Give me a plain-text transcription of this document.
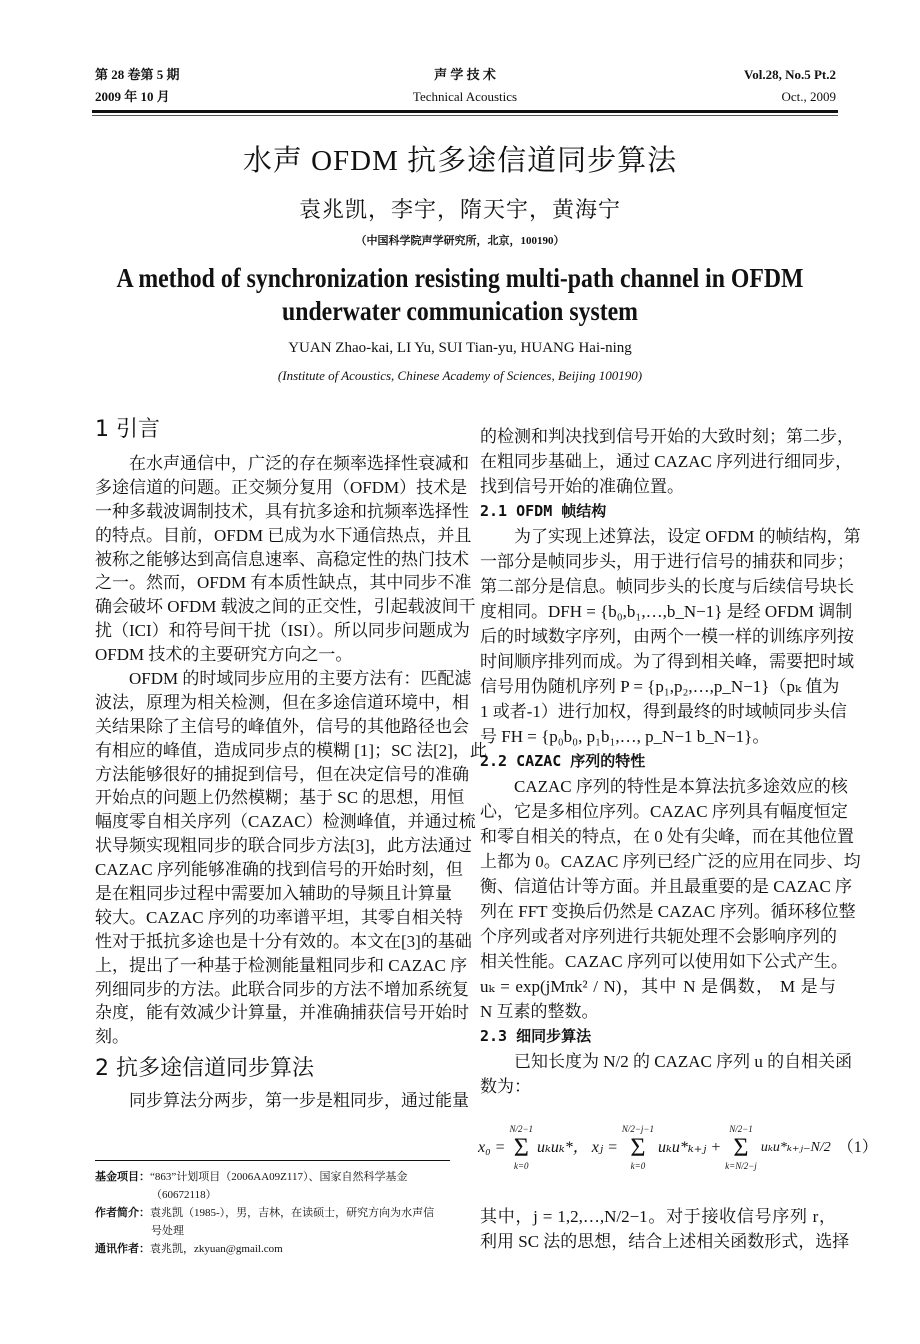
第 28 卷第 5 期
2009 年 10 月
声 学 技 术
Technical Acoustics
Vol.28, No.5 Pt.2
Oct., 2009
水声 OFDM 抗多途信道同步算法
袁兆凯，李宇，隋天宇，黄海宁
（中国科学院声学研究所，北京，100190）
A method of synchronization resisting multi-path channel in OFDM
underwater communication system
YUAN Zhao-kai, LI Yu, SUI Tian-yu, HUANG Hai-ning
(Institute of Acoustics, Chinese Academy of Sciences, Beijing 100190)
1 引言
在水声通信中，广泛的存在频率选择性衰减和
多途信道的问题。正交频分复用（OFDM）技术是
一种多载波调制技术，具有抗多途和抗频率选择性
的特点。目前，OFDM 已成为水下通信热点，并且
被称之能够达到高信息速率、高稳定性的热门技术
之一。然而，OFDM 有本质性缺点，其中同步不准
确会破坏 OFDM 载波之间的正交性，引起载波间干
扰（ICI）和符号间干扰（ISI）。所以同步问题成为
OFDM 技术的主要研究方向之一。
OFDM 的时域同步应用的主要方法有：匹配滤
波法，原理为相关检测，但在多途信道环境中，相
关结果除了主信号的峰值外，信号的其他路径也会
有相应的峰值，造成同步点的模糊 [1]；SC 法[2]，此
方法能够很好的捕捉到信号，但在决定信号的准确
开始点的问题上仍然模糊；基于 SC 的思想，用恒
幅度零自相关序列（CAZAC）检测峰值，并通过梳
状导频实现粗同步的联合同步方法[3]，此方法通过
CAZAC 序列能够准确的找到信号的开始时刻，但
是在粗同步过程中需要加入辅助的导频且计算量
较大。CAZAC 序列的功率谱平坦，其零自相关特
性对于抵抗多途也是十分有效的。本文在[3]的基础
上，提出了一种基于检测能量粗同步和 CAZAC 序
列细同步的方法。此联合同步的方法不增加系统复
杂度，能有效减少计算量，并准确捕获信号开始时
刻。
2 抗多途信道同步算法
同步算法分两步，第一步是粗同步，通过能量
的检测和判决找到信号开始的大致时刻；第二步，
在粗同步基础上，通过 CAZAC 序列进行细同步，
找到信号开始的准确位置。
2.1 OFDM 帧结构
为了实现上述算法，设定 OFDM 的帧结构，第
一部分是帧同步头，用于进行信号的捕获和同步；
第二部分是信息。帧同步头的长度与后续信号块长
度相同。DFH = {b₀,b₁,…,b_N−1} 是经 OFDM 调制
后的时域数字序列，由两个一模一样的训练序列按
时间顺序排列而成。为了得到相关峰，需要把时域
信号用伪随机序列 P = {p₁,p₂,…,p_N−1}（pₖ 值为
1 或者-1）进行加权，得到最终的时域帧同步头信
号 FH = {p₀b₀, p₁b₁,…, p_N−1 b_N−1}。
2.2 CAZAC 序列的特性
CAZAC 序列的特性是本算法抗多途效应的核
心，它是多相位序列。CAZAC 序列具有幅度恒定
和零自相关的特点，在 0 处有尖峰，而在其他位置
上都为 0。CAZAC 序列已经广泛的应用在同步、均
衡、信道估计等方面。并且最重要的是 CAZAC 序
列在 FFT 变换后仍然是 CAZAC 序列。循环移位整
个序列或者对序列进行共轭处理不会影响序列的
相关性能。CAZAC 序列可以使用如下公式产生。
uₖ = exp(jMπk² / N)，其中 N 是偶数， M 是与
N 互素的整数。
2.3 细同步算法
已知长度为 N/2 的 CAZAC 序列 u 的自相关函
数为：
x₀ =
N/2−1
Σ
k=0
uₖuₖ*， xⱼ =
N/2−j−1
Σ
k=0
uₖu*ₖ₊ⱼ +
N/2−1
Σ
k=N/2−j
uₖu*ₖ₊ⱼ₋N/2 （1）
其中，j = 1,2,…,N/2−1。对于接收信号序列 r，
利用 SC 法的思想，结合上述相关函数形式，选择
基金项目：“863”计划项目（2006AA09Z117）、国家自然科学基金
（60672118）
作者简介：袁兆凯（1985-），男，吉林，在读硕士，研究方向为水声信
号处理
通讯作者：袁兆凯，zkyuan@gmail.com
